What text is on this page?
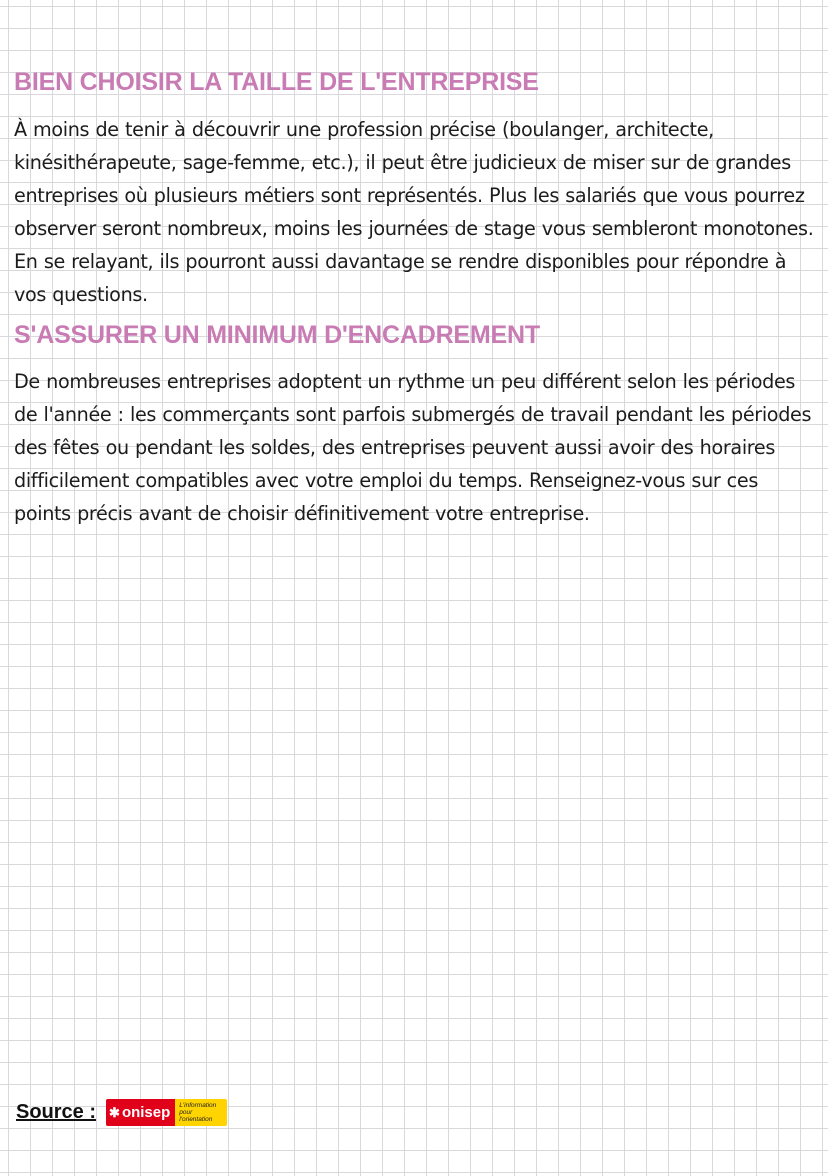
BIEN CHOISIR LA TAILLE DE L'ENTREPRISE

À moins de tenir à découvrir une profession précise (boulanger, architecte, kinésithérapeute, sage-femme, etc.), il peut être judicieux de miser sur de grandes entreprises où plusieurs métiers sont représentés. Plus les salariés que vous pourrez observer seront nombreux, moins les journées de stage vous sembleront monotones. En se relayant, ils pourront aussi davantage se rendre disponibles pour répondre à vos questions.

S'ASSURER UN MINIMUM D'ENCADREMENT

De nombreuses entreprises adoptent un rythme un peu différent selon les périodes de l'année : les commerçants sont parfois submergés de travail pendant les périodes des fêtes ou pendant les soldes, des entreprises peuvent aussi avoir des horaires difficilement compatibles avec votre emploi du temps. Renseignez-vous sur ces points précis avant de choisir définitivement votre entreprise.

Source : ✱ onisep	L'information pour l'orientation
